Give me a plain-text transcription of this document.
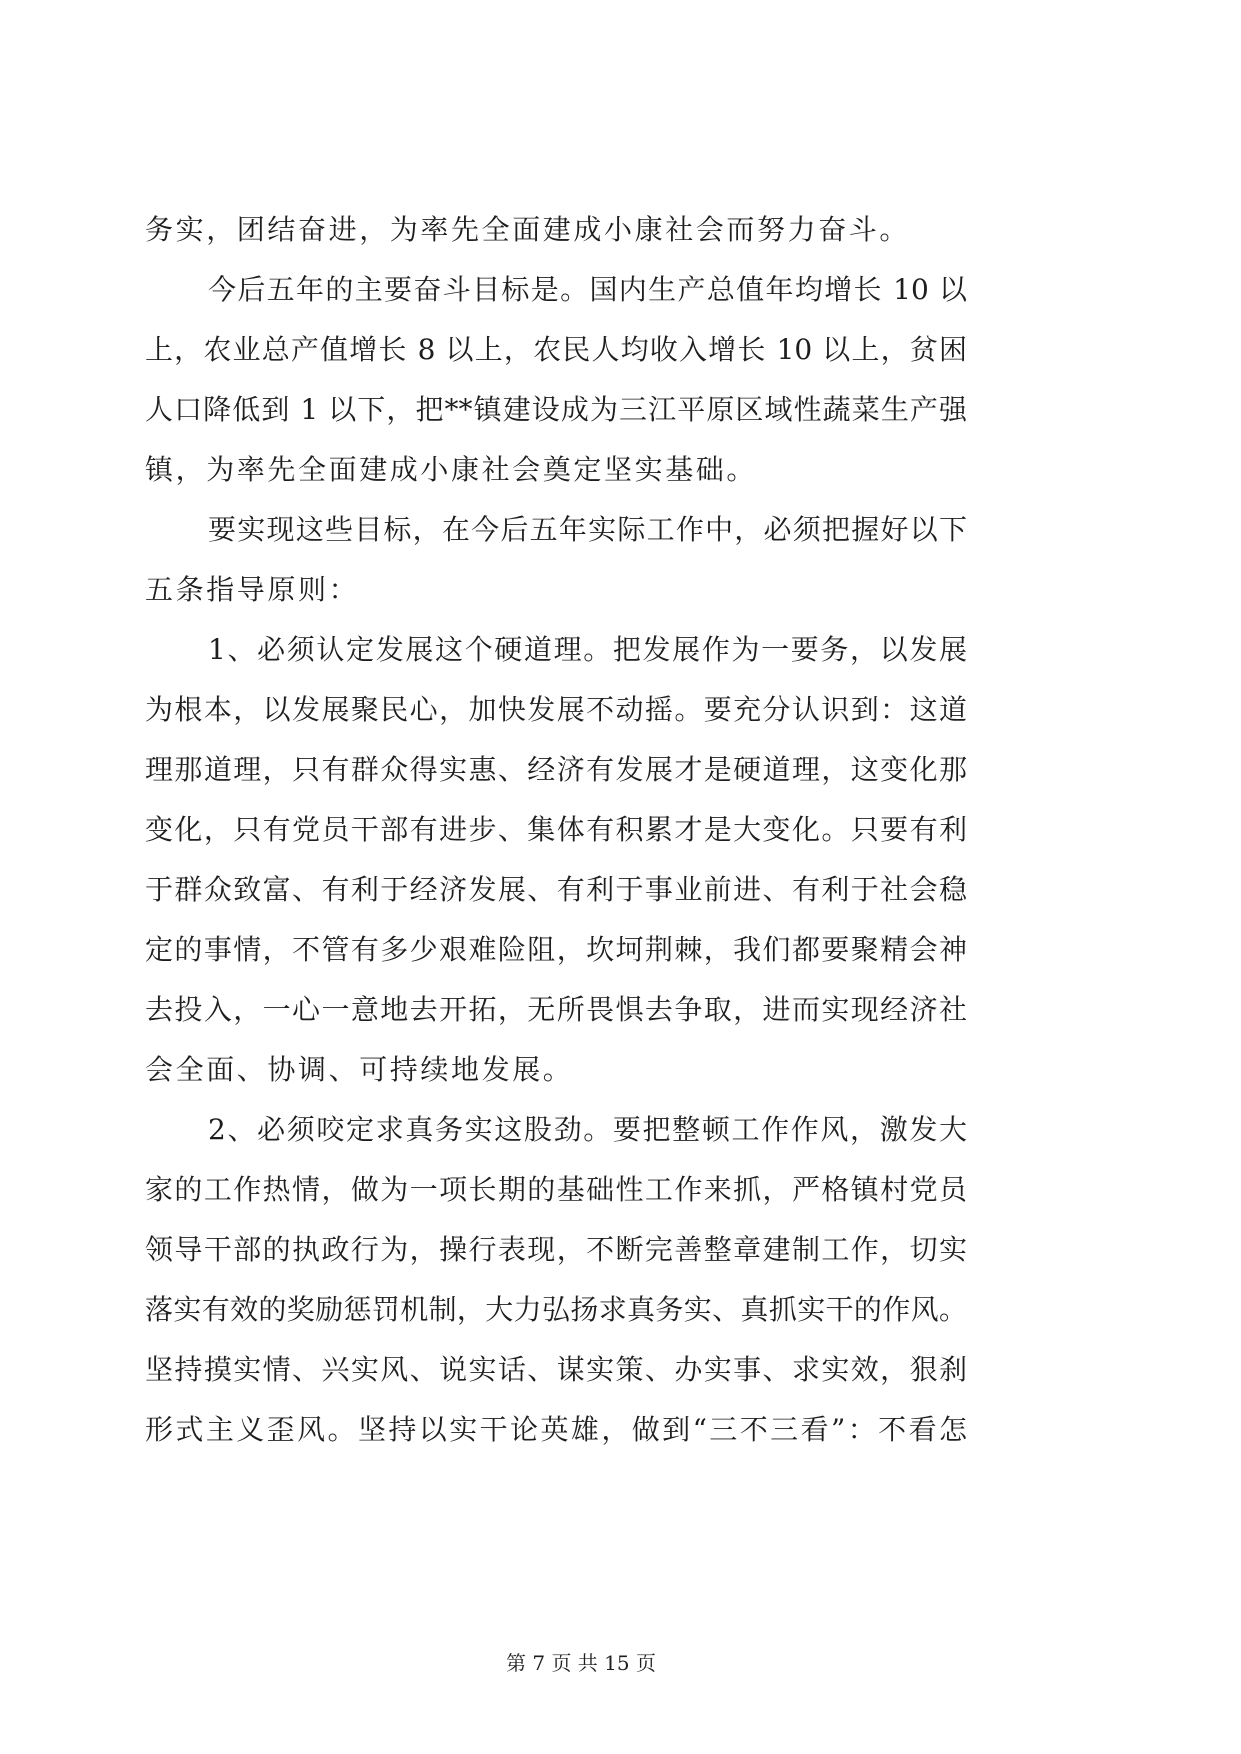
务实，团结奋进，为率先全面建成小康社会而努力奋斗。
今后五年的主要奋斗目标是。国内生产总值年均增长 10 以
上，农业总产值增长 8 以上，农民人均收入增长 10 以上，贫困
人口降低到 1 以下，把**镇建设成为三江平原区域性蔬菜生产强
镇，为率先全面建成小康社会奠定坚实基础。
要实现这些目标，在今后五年实际工作中，必须把握好以下
五条指导原则：
1、必须认定发展这个硬道理。把发展作为一要务，以发展
为根本，以发展聚民心，加快发展不动摇。要充分认识到：这道
理那道理，只有群众得实惠、经济有发展才是硬道理，这变化那
变化，只有党员干部有进步、集体有积累才是大变化。只要有利
于群众致富、有利于经济发展、有利于事业前进、有利于社会稳
定的事情，不管有多少艰难险阻，坎坷荆棘，我们都要聚精会神
去投入，一心一意地去开拓，无所畏惧去争取，进而实现经济社
会全面、协调、可持续地发展。
2、必须咬定求真务实这股劲。要把整顿工作作风，激发大
家的工作热情，做为一项长期的基础性工作来抓，严格镇村党员
领导干部的执政行为，操行表现，不断完善整章建制工作，切实
落实有效的奖励惩罚机制，大力弘扬求真务实、真抓实干的作风。
坚持摸实情、兴实风、说实话、谋实策、办实事、求实效，狠刹
形式主义歪风。坚持以实干论英雄，做到“三不三看”：不看怎
第 7 页 共 15 页
